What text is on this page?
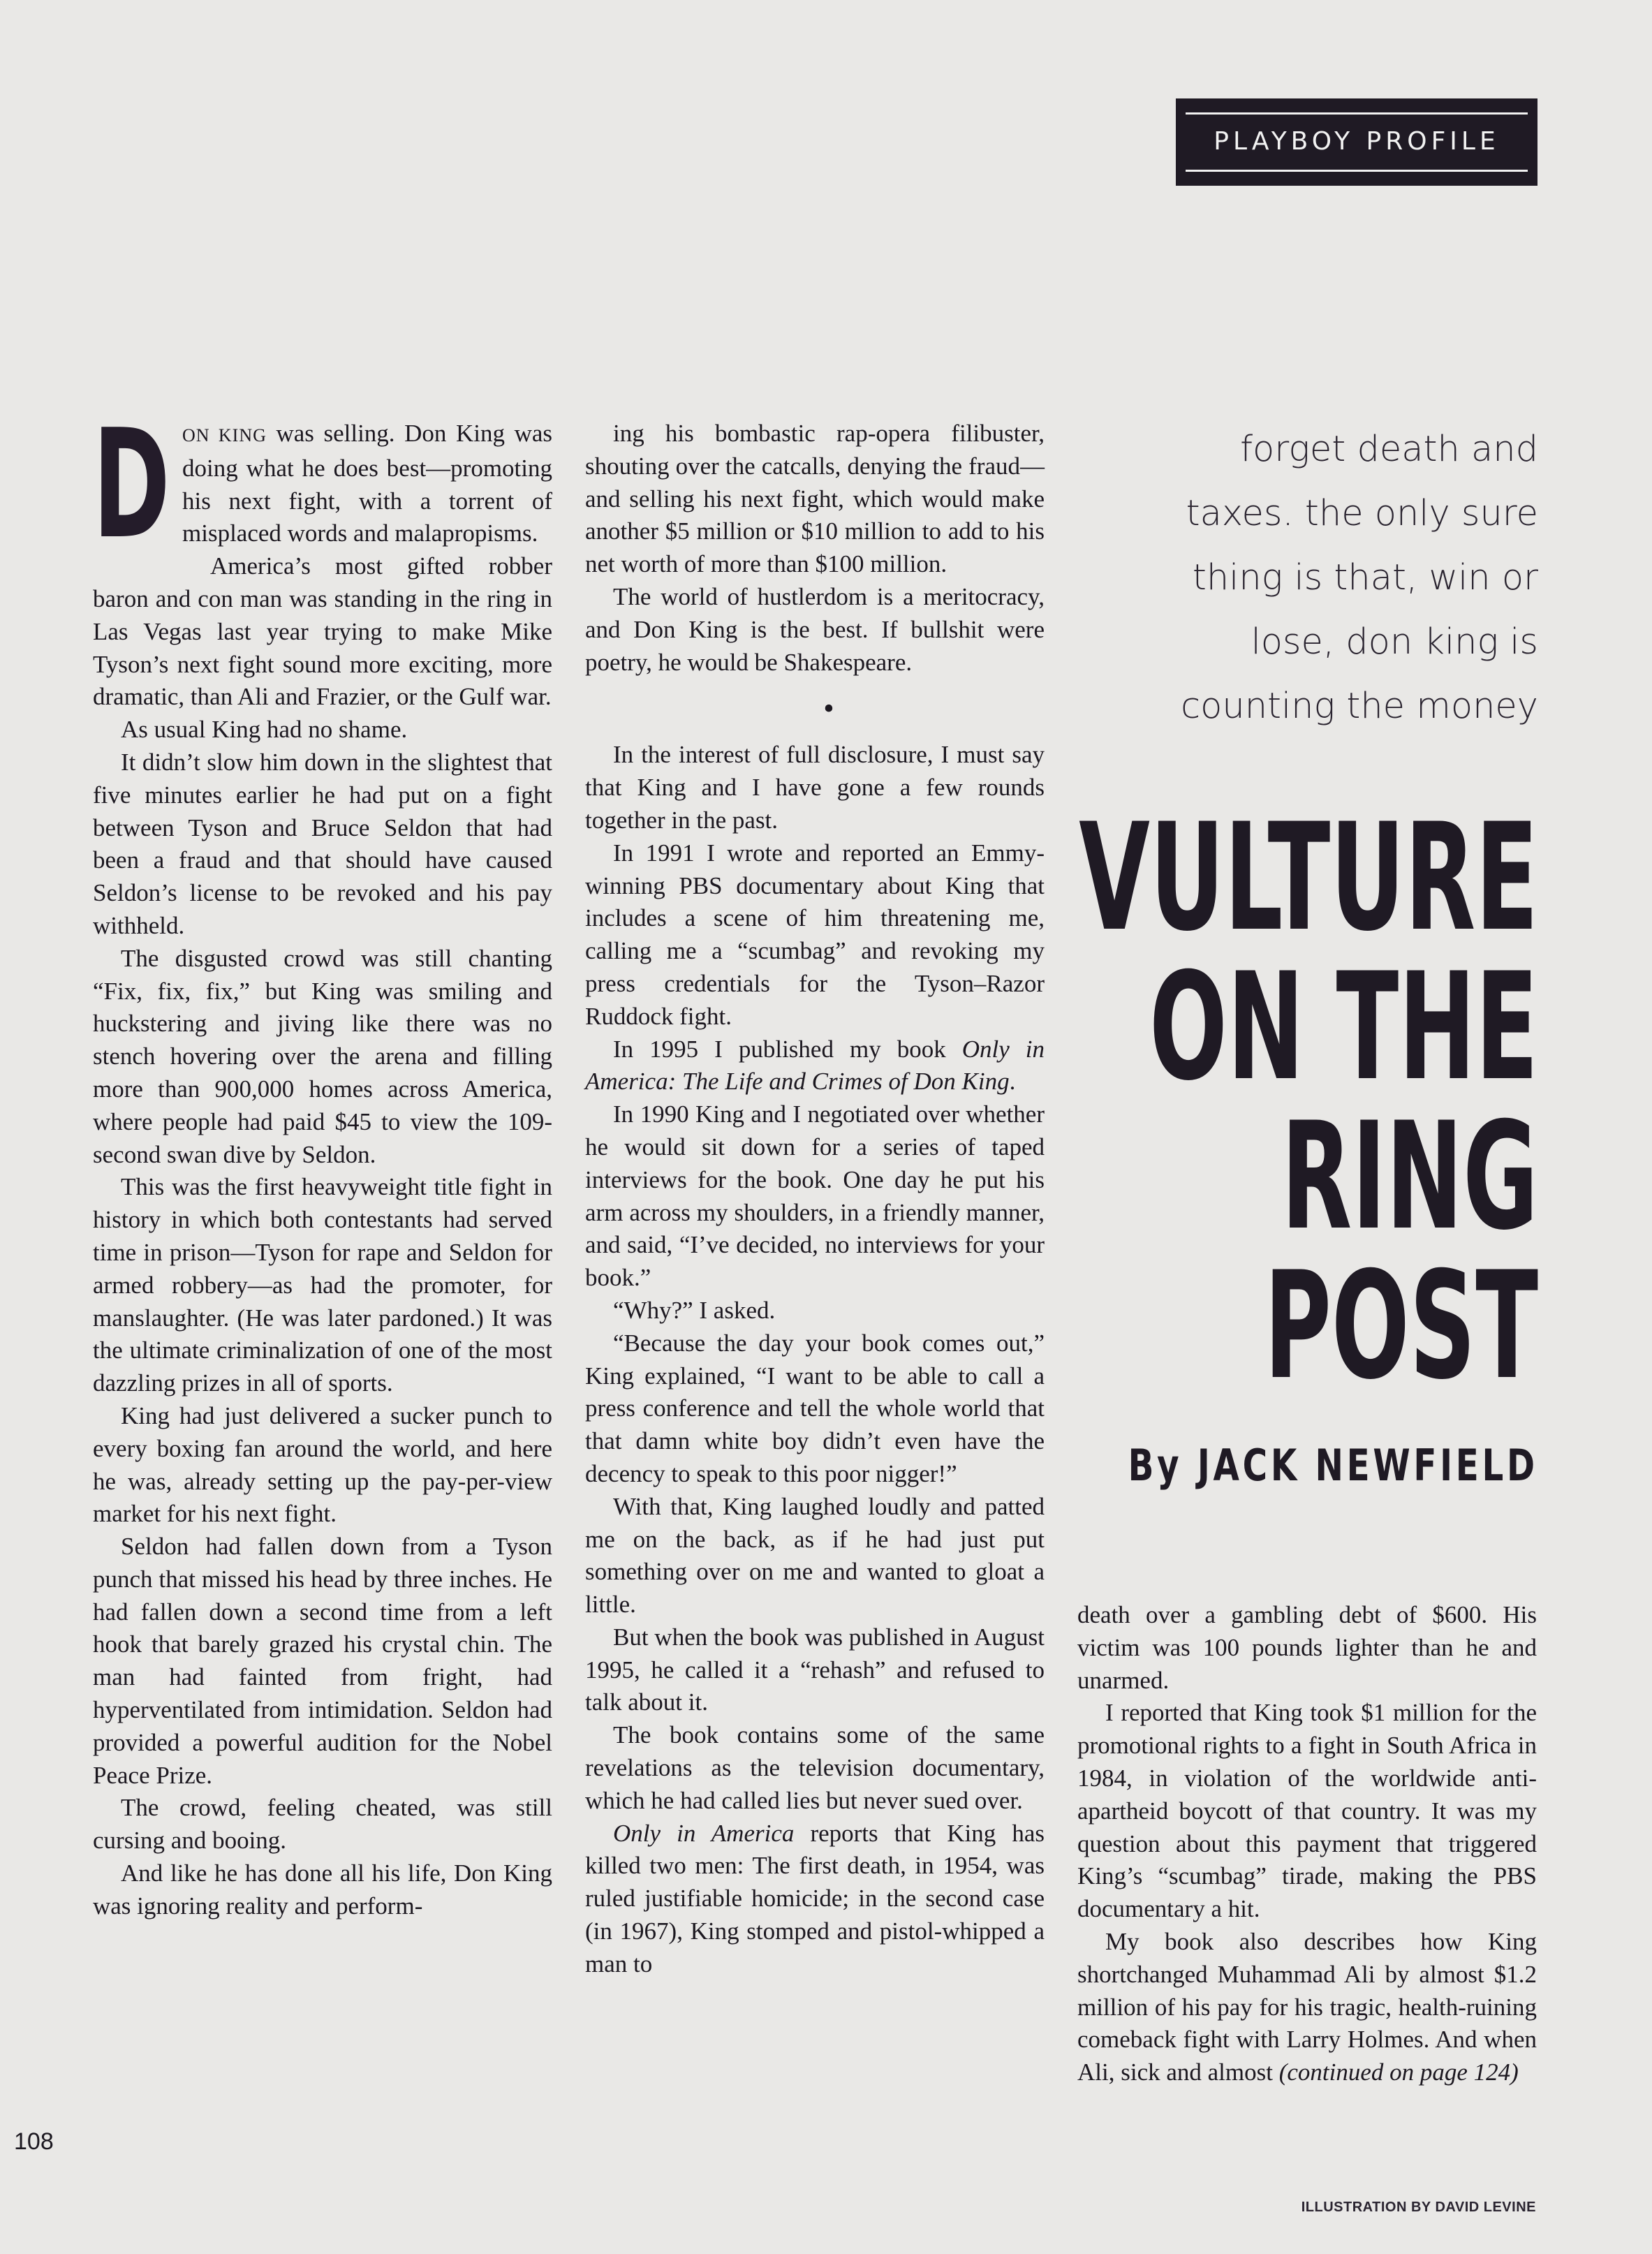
PLAYBOY PROFILE

DON KING was selling. Don King was doing what he does best—promoting his next fight, with a torrent of misplaced words and malapropisms.

America’s most gifted robber baron and con man was standing in the ring in Las Vegas last year trying to make Mike Tyson’s next fight sound more exciting, more dramatic, than Ali and Frazier, or the Gulf war.

As usual King had no shame.

It didn’t slow him down in the slightest that five minutes earlier he had put on a fight between Tyson and Bruce Seldon that had been a fraud and that should have caused Seldon’s license to be revoked and his pay withheld.

The disgusted crowd was still chanting “Fix, fix, fix,” but King was smiling and huckstering and jiving like there was no stench hovering over the arena and filling more than 900,000 homes across America, where people had paid $45 to view the 109-second swan dive by Seldon.

This was the first heavyweight title fight in history in which both contestants had served time in prison—Tyson for rape and Seldon for armed robbery—as had the promoter, for manslaughter. (He was later pardoned.) It was the ultimate criminalization of one of the most dazzling prizes in all of sports.

King had just delivered a sucker punch to every boxing fan around the world, and here he was, already setting up the pay-per-view market for his next fight.

Seldon had fallen down from a Tyson punch that missed his head by three inches. He had fallen down a second time from a left hook that barely grazed his crystal chin. The man had fainted from fright, had hyperventilated from intimidation. Seldon had provided a powerful audition for the Nobel Peace Prize.

The crowd, feeling cheated, was still cursing and booing.

And like he has done all his life, Don King was ignoring reality and perform-

ing his bombastic rap-opera filibuster, shouting over the catcalls, denying the fraud—and selling his next fight, which would make another $5 million or $10 million to add to his net worth of more than $100 million.

The world of hustlerdom is a meritocracy, and Don King is the best. If bullshit were poetry, he would be Shakespeare.

•

In the interest of full disclosure, I must say that King and I have gone a few rounds together in the past.

In 1991 I wrote and reported an Emmy-winning PBS documentary about King that includes a scene of him threatening me, calling me a “scumbag” and revoking my press credentials for the Tyson–Razor Ruddock fight.

In 1995 I published my book Only in America: The Life and Crimes of Don King.

In 1990 King and I negotiated over whether he would sit down for a series of taped interviews for the book. One day he put his arm across my shoulders, in a friendly manner, and said, “I’ve decided, no interviews for your book.”

“Why?” I asked.

“Because the day your book comes out,” King explained, “I want to be able to call a press conference and tell the whole world that that damn white boy didn’t even have the decency to speak to this poor nigger!”

With that, King laughed loudly and patted me on the back, as if he had just put something over on me and wanted to gloat a little.

But when the book was published in August 1995, he called it a “rehash” and refused to talk about it.

The book contains some of the same revelations as the television documentary, which he had called lies but never sued over.

Only in America reports that King has killed two men: The first death, in 1954, was ruled justifiable homicide; in the second case (in 1967), King stomped and pistol-whipped a man to

forget death and
taxes. the only sure
thing is that, win or
lose, don king is
counting the money
VULTURE
ON THE
RING
POST
By JACK NEWFIELD

death over a gambling debt of $600. His victim was 100 pounds lighter than he and unarmed.

I reported that King took $1 million for the promotional rights to a fight in South Africa in 1984, in violation of the worldwide anti-apartheid boycott of that country. It was my question about this payment that triggered King’s “scumbag” tirade, making the PBS documentary a hit.

My book also describes how King shortchanged Muhammad Ali by almost $1.2 million of his pay for his tragic, health-ruining comeback fight with Larry Holmes. And when Ali, sick and almost (continued on page 124)

108
ILLUSTRATION BY DAVID LEVINE
